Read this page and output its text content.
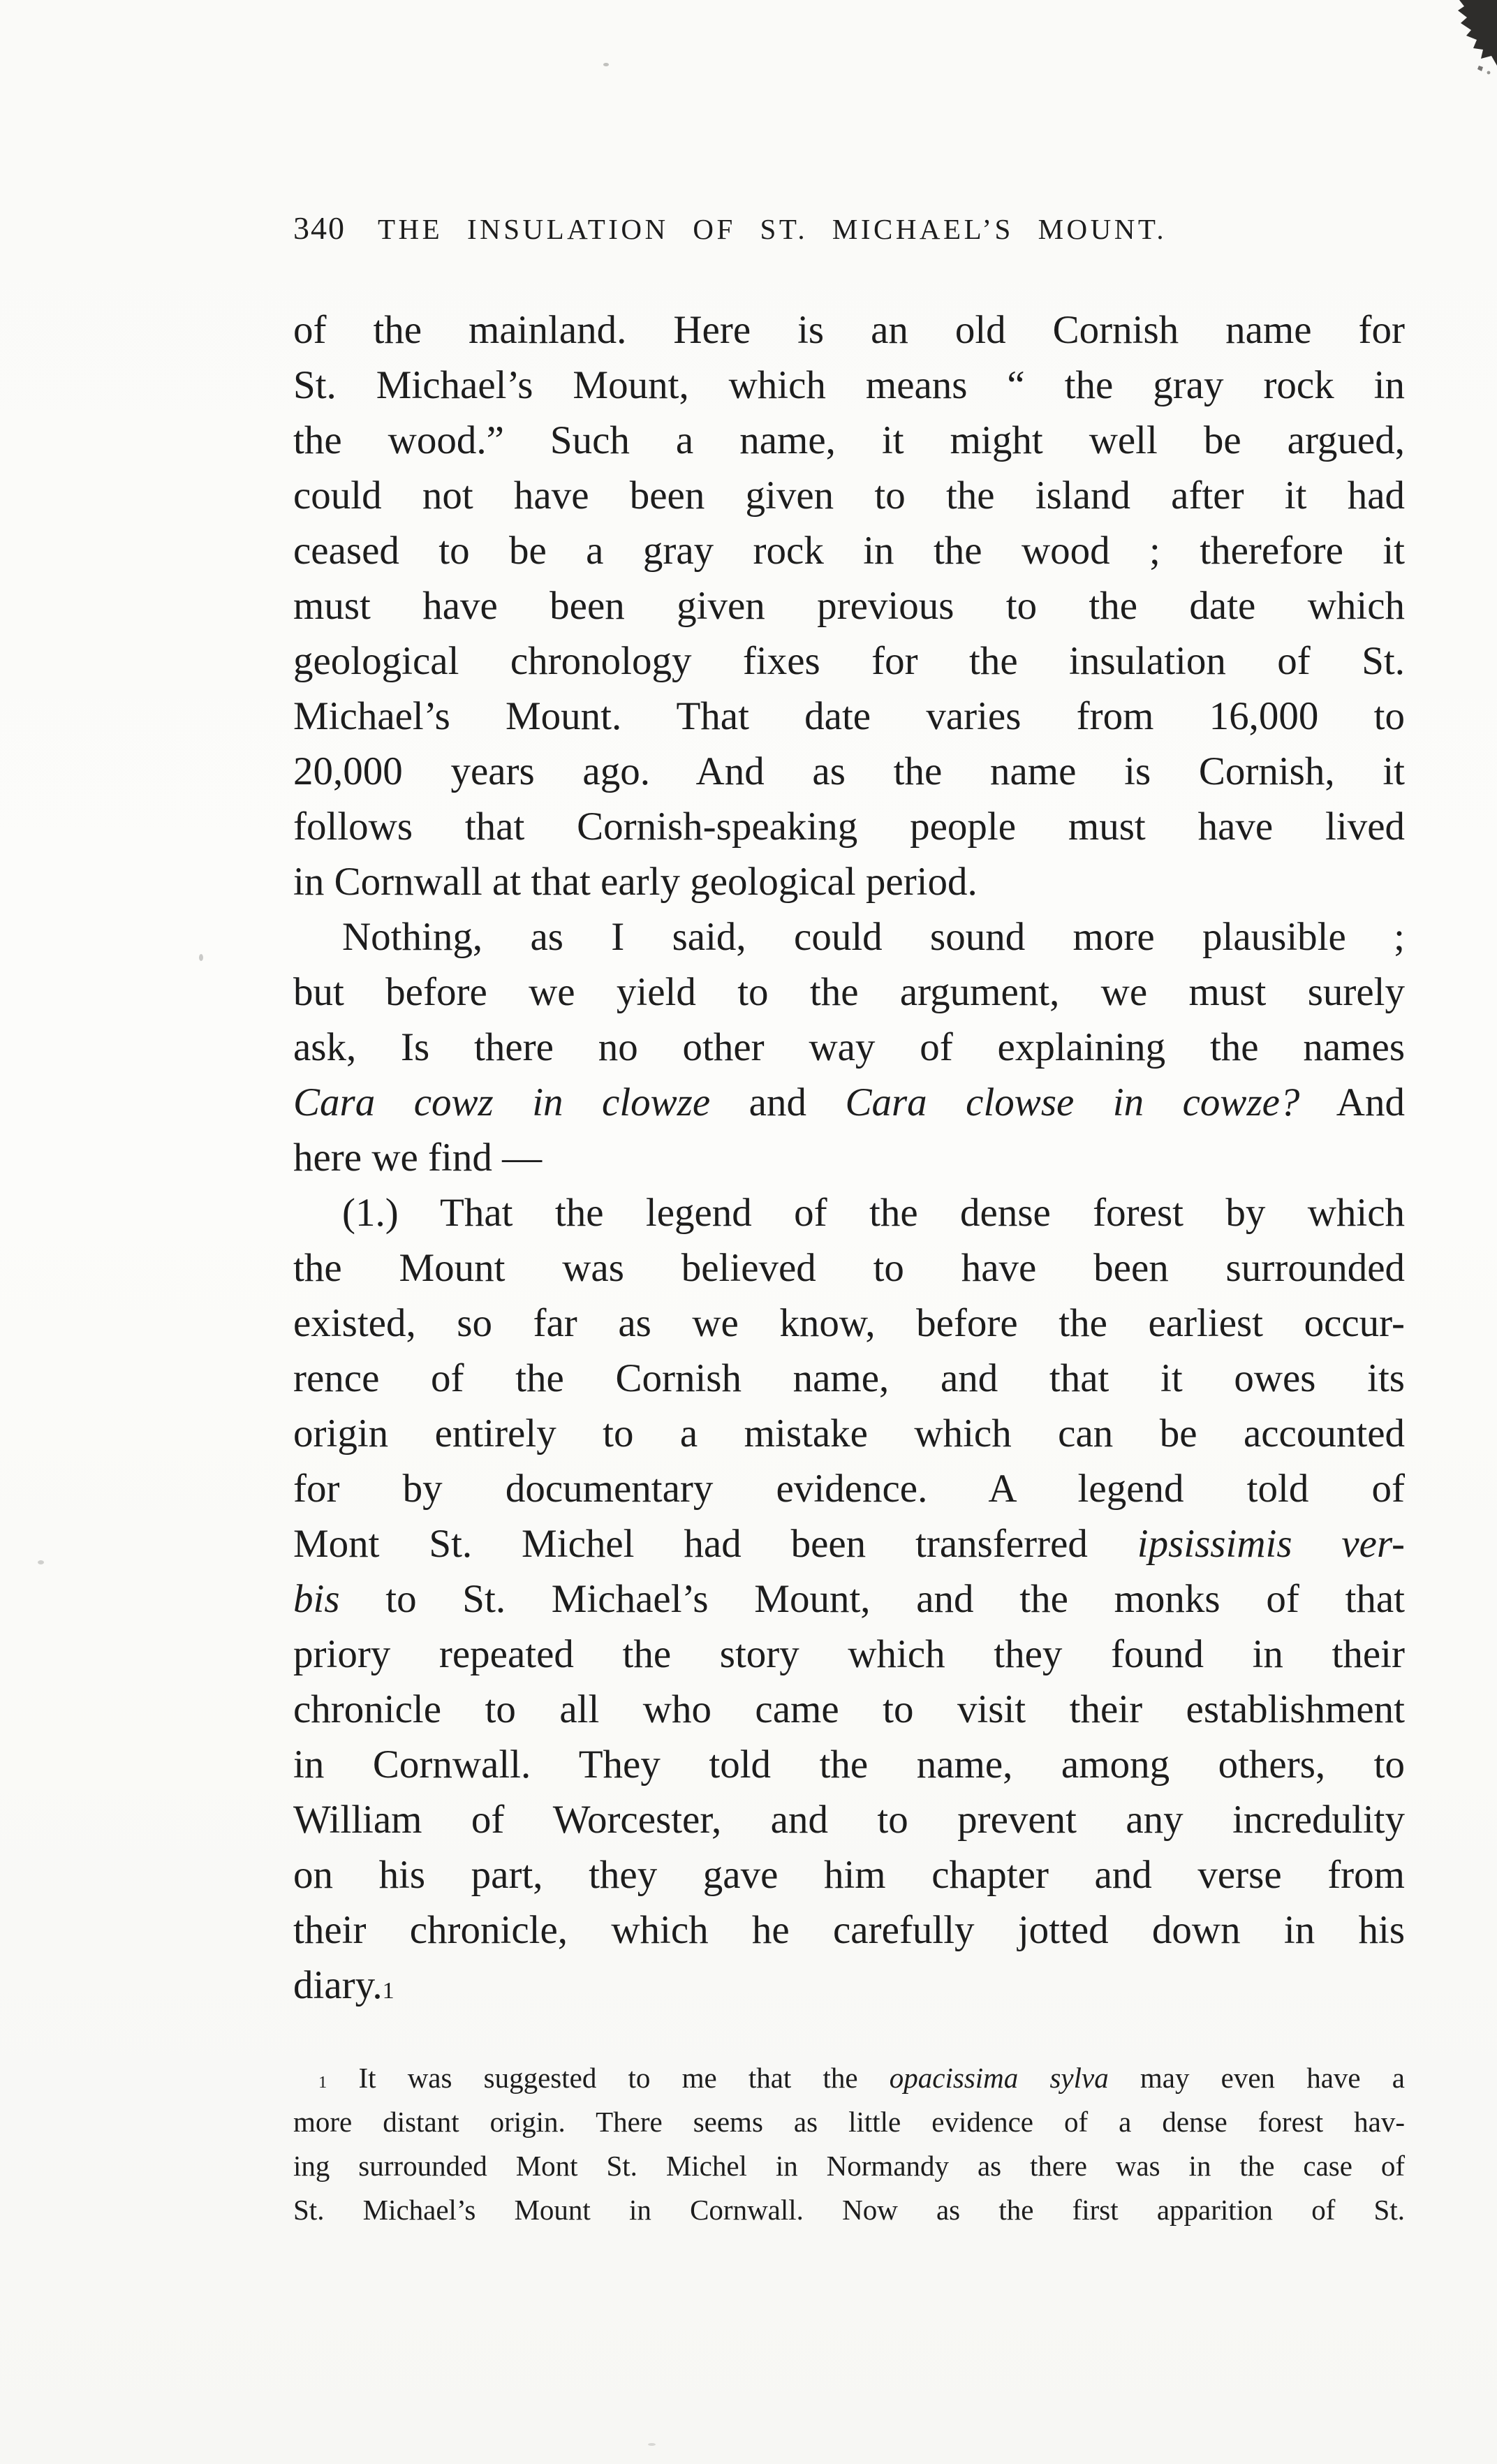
340 THE INSULATION OF ST. MICHAEL’S MOUNT.
of the mainland. Here is an old Cornish name for
St. Michael’s Mount, which means “ the gray rock in
the wood.” Such a name, it might well be argued,
could not have been given to the island after it had
ceased to be a gray rock in the wood ; therefore it
must have been given previous to the date which
geological chronology fixes for the insulation of St.
Michael’s Mount. That date varies from 16,000 to
20,000 years ago. And as the name is Cornish, it
follows that Cornish-speaking people must have lived
in Cornwall at that early geological period.
Nothing, as I said, could sound more plausible ;
but before we yield to the argument, we must surely
ask, Is there no other way of explaining the names
Cara cowz in clowze and Cara clowse in cowze? And
here we find —
(1.) That the legend of the dense forest by which
the Mount was believed to have been surrounded
existed, so far as we know, before the earliest occur-
rence of the Cornish name, and that it owes its
origin entirely to a mistake which can be accounted
for by documentary evidence. A legend told of
Mont St. Michel had been transferred ipsissimis ver-
bis to St. Michael’s Mount, and the monks of that
priory repeated the story which they found in their
chronicle to all who came to visit their establishment
in Cornwall. They told the name, among others, to
William of Worcester, and to prevent any incredulity
on his part, they gave him chapter and verse from
their chronicle, which he carefully jotted down in his
diary.$^1$
$^1$ It was suggested to me that the opacissima sylva may even have a
more distant origin. There seems as little evidence of a dense forest hav-
ing surrounded Mont St. Michel in Normandy as there was in the case of
St. Michael’s Mount in Cornwall. Now as the first apparition of St.
